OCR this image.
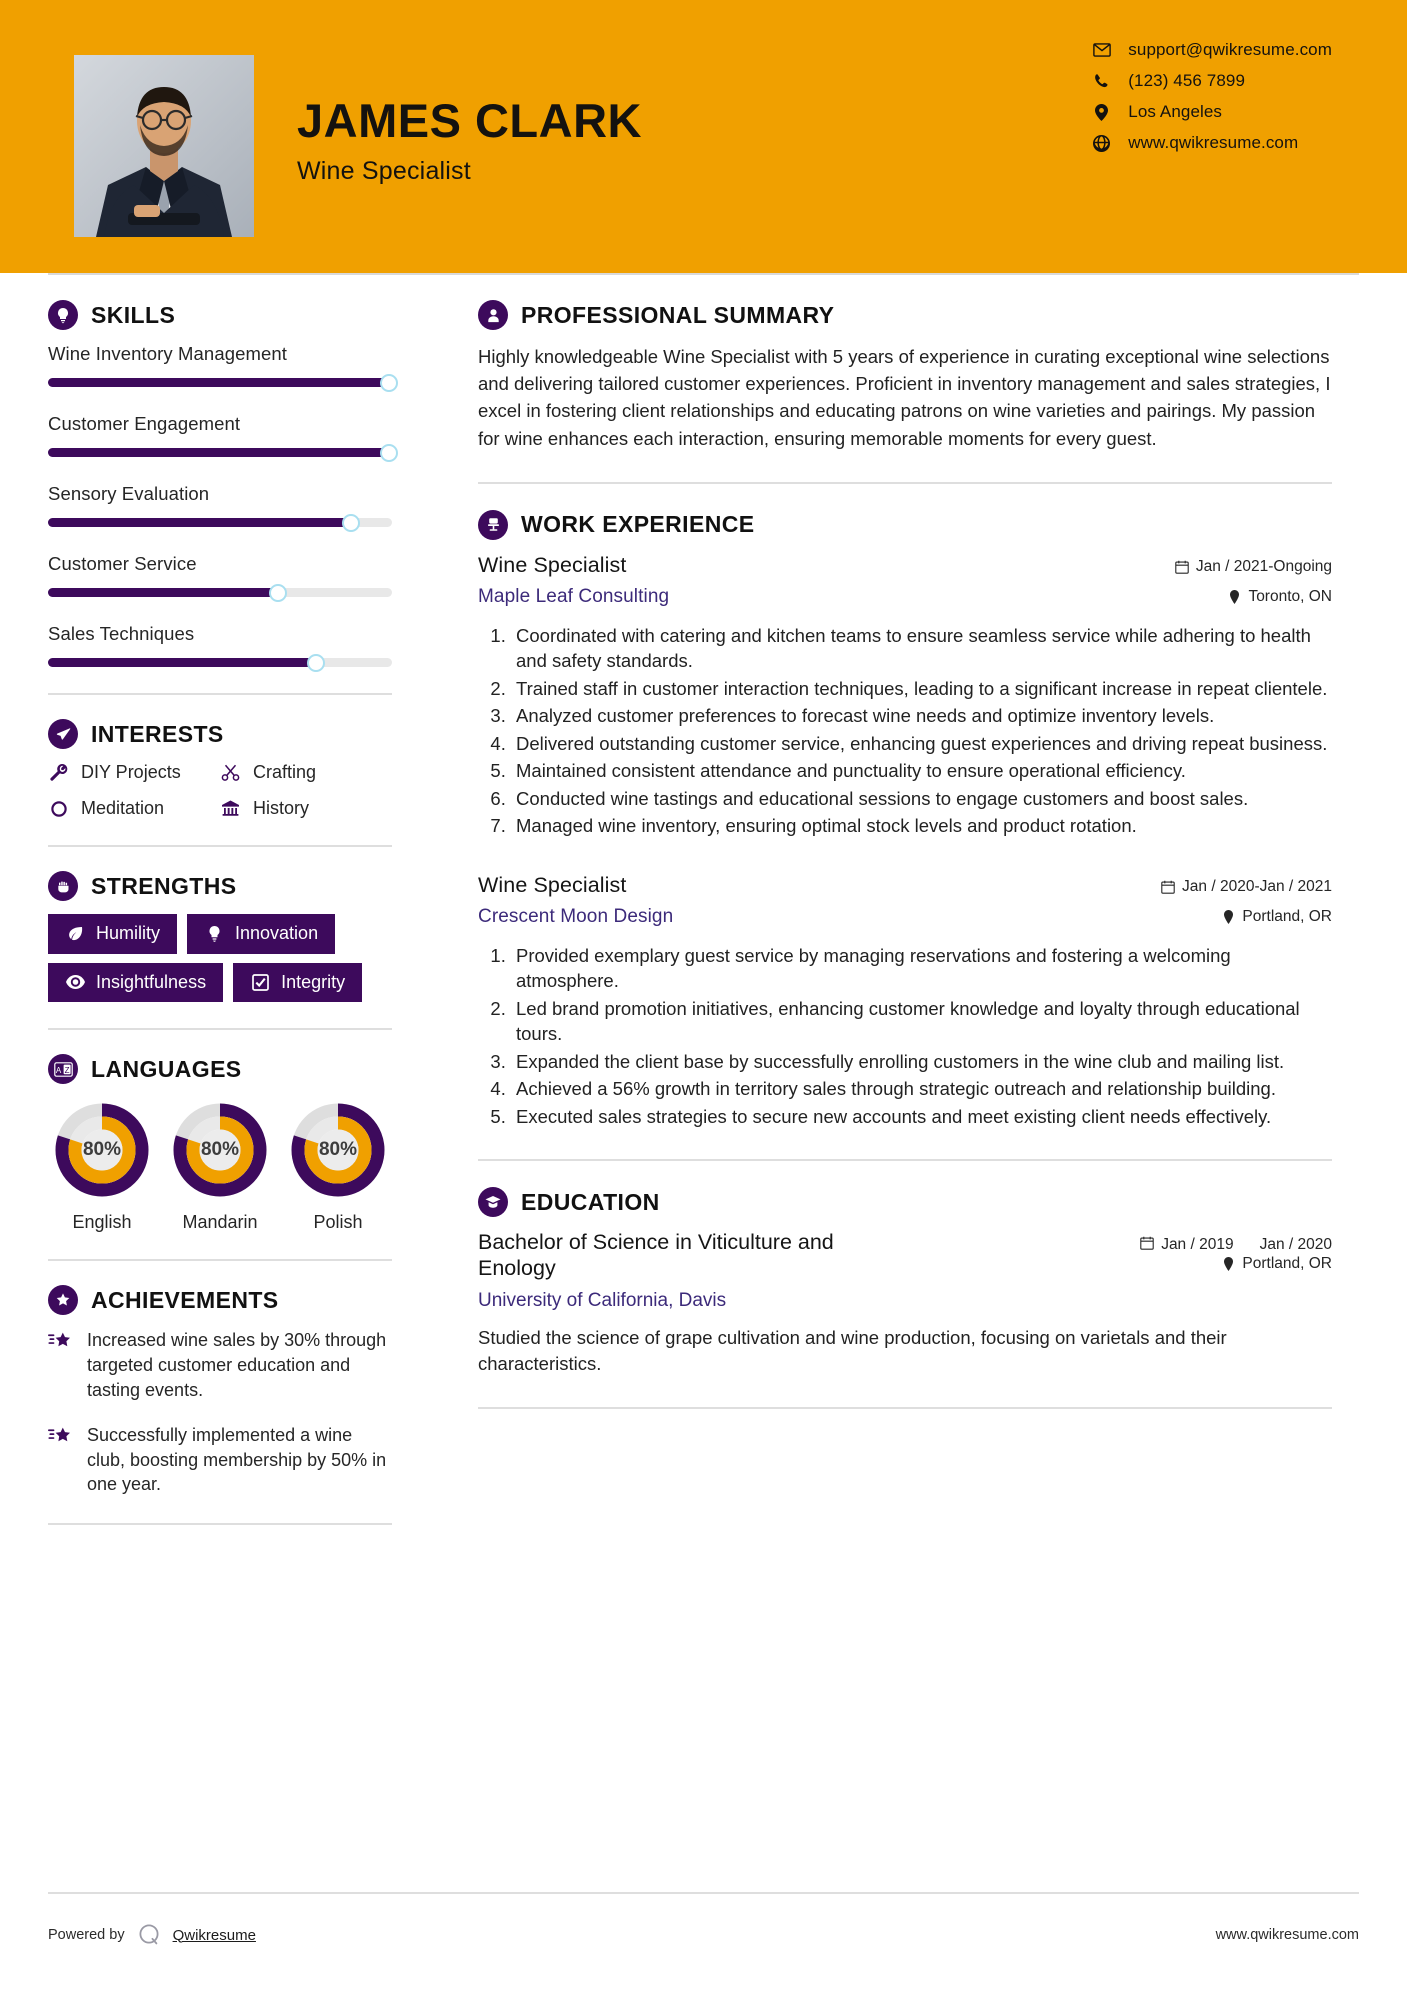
JAMES CLARK
Wine Specialist
support@qwikresume.com
(123) 456 7899
Los Angeles
www.qwikresume.com
SKILLS
Wine Inventory Management
Customer Engagement
Sensory Evaluation
Customer Service
Sales Techniques
INTERESTS
DIY Projects	Crafting
Meditation	History
STRENGTHS
Humility	Innovation
Insightfulness	Integrity
A Z LANGUAGES
80%
English
80%
Mandarin
80%
Polish
ACHIEVEMENTS
Increased wine sales by 30% through targeted customer education and tasting events.
Successfully implemented a wine club, boosting membership by 50% in one year.
PROFESSIONAL SUMMARY
Highly knowledgeable Wine Specialist with 5 years of experience in curating exceptional wine selections and delivering tailored customer experiences. Proficient in inventory management and sales strategies, I excel in fostering client relationships and educating patrons on wine varieties and pairings. My passion for wine enhances each interaction, ensuring memorable moments for every guest.
WORK EXPERIENCE
Wine Specialist
Maple Leaf Consulting
Jan / 2021-Ongoing
Toronto, ON
1. Coordinated with catering and kitchen teams to ensure seamless service while adhering to health and safety standards.
2. Trained staff in customer interaction techniques, leading to a significant increase in repeat clientele.
3. Analyzed customer preferences to forecast wine needs and optimize inventory levels.
4. Delivered outstanding customer service, enhancing guest experiences and driving repeat business.
5. Maintained consistent attendance and punctuality to ensure operational efficiency.
6. Conducted wine tastings and educational sessions to engage customers and boost sales.
7. Managed wine inventory, ensuring optimal stock levels and product rotation.
Wine Specialist
Crescent Moon Design
Jan / 2020-Jan / 2021
Portland, OR
1. Provided exemplary guest service by managing reservations and fostering a welcoming atmosphere.
2. Led brand promotion initiatives, enhancing customer knowledge and loyalty through educational tours.
3. Expanded the client base by successfully enrolling customers in the wine club and mailing list.
4. Achieved a 56% growth in territory sales through strategic outreach and relationship building.
5. Executed sales strategies to secure new accounts and meet existing client needs effectively.
EDUCATION
Bachelor of Science in Viticulture and Enology
University of California, Davis
Jan / 2019 Jan / 2020
Portland, OR
Studied the science of grape cultivation and wine production, focusing on varietals and their characteristics.
Powered by	Qwikresume	www.qwikresume.com
